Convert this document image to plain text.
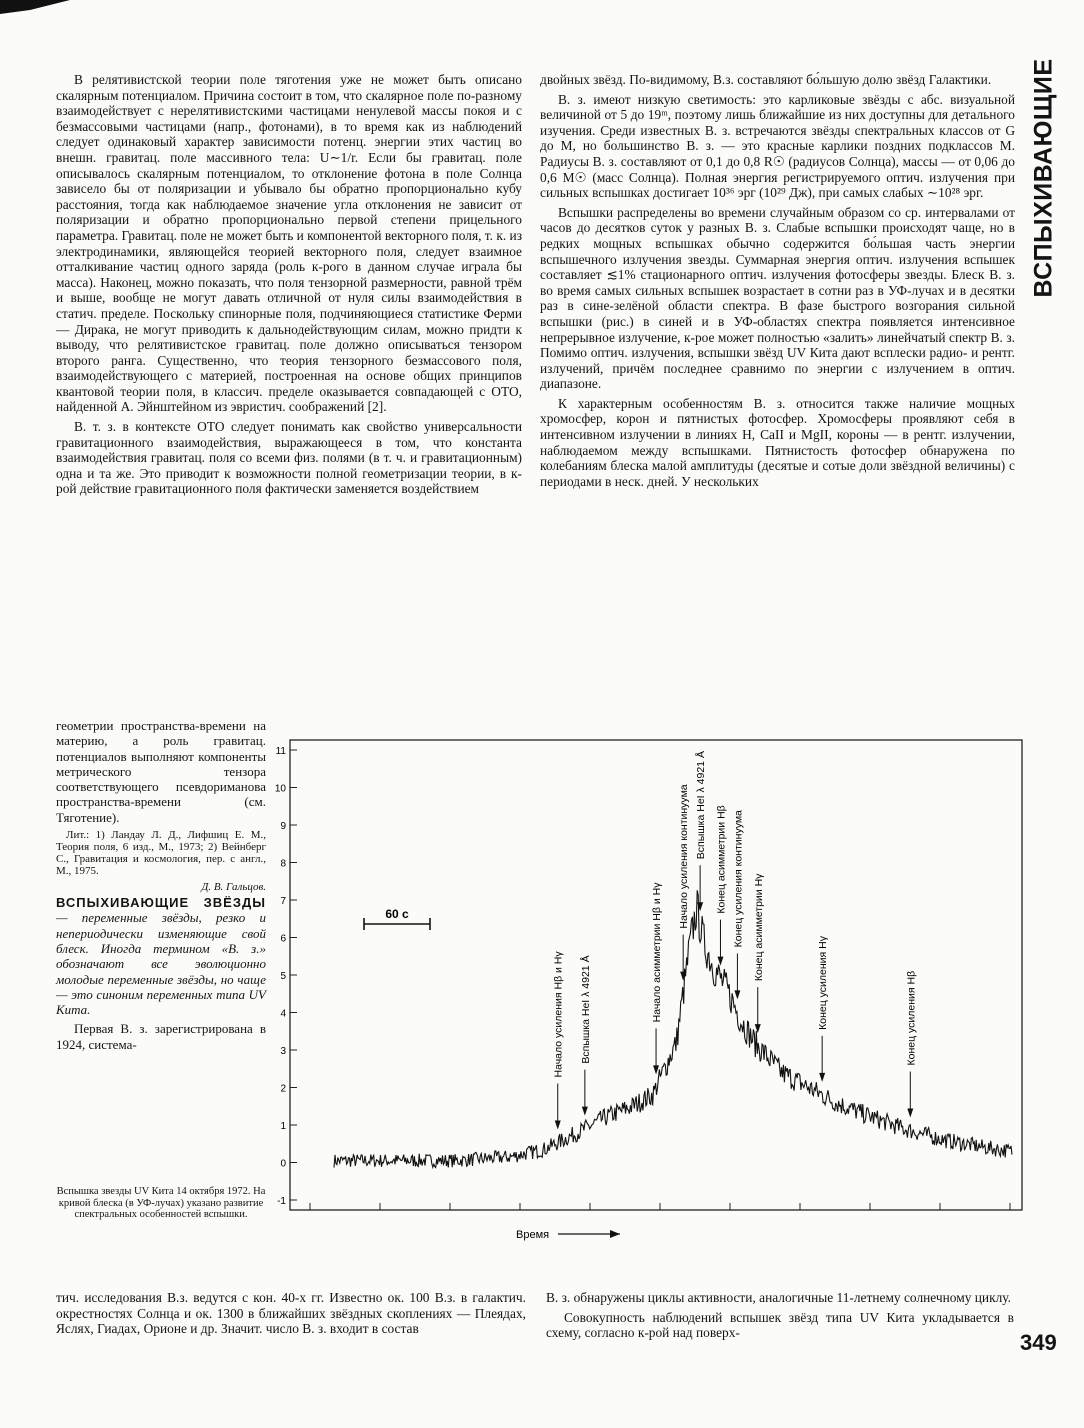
ВСПЫХИВАЮЩИЕ

В релятивистской теории поле тяготения уже не может быть описано скалярным потенциалом. Причина состоит в том, что скалярное поле по-разному взаимодействует с нерелятивистскими частицами ненулевой массы покоя и с безмассовыми частицами (напр., фотонами), в то время как из наблюдений следует одинаковый характер зависимости потенц. энергии этих частиц во внешн. гравитац. поле массивного тела: U∼1/r. Если бы гравитац. поле описывалось скалярным потенциалом, то отклонение фотона в поле Солнца зависело бы от поляризации и убывало бы обратно пропорционально кубу расстояния, тогда как наблюдаемое значение угла отклонения не зависит от поляризации и обратно пропорционально первой степени прицельного параметра. Гравитац. поле не может быть и компонентой векторного поля, т. к. из электродинамики, являющейся теорией векторного поля, следует взаимное отталкивание частиц одного заряда (роль к-рого в данном случае играла бы масса). Наконец, можно показать, что поля тензорной размерности, равной трём и выше, вообще не могут давать отличной от нуля силы взаимодействия в статич. пределе. Поскольку спинорные поля, подчиняющиеся статистике Ферми — Дирака, не могут приводить к дальнодействующим силам, можно придти к выводу, что релятивистское гравитац. поле должно описываться тензором второго ранга. Существенно, что теория тензорного безмассового поля, взаимодействующего с материей, построенная на основе общих принципов квантовой теории поля, в классич. пределе оказывается совпадающей с ОТО, найденной А. Эйнштейном из эвристич. соображений [2].

В. т. з. в контексте ОТО следует понимать как свойство универсальности гравитационного взаимодействия, выражающееся в том, что константа взаимодействия гравитац. поля со всеми физ. полями (в т. ч. и гравитационным) одна и та же. Это приводит к возможности полной геометризации теории, в к-рой действие гравитационного поля фактически заменяется воздействием

геометрии пространства-времени на материю, а роль гравитац. потенциалов выполняют компоненты метрического тензора соответствующего псевдориманова пространства-времени (см. Тяготение).

Лит.: 1) Ландау Л. Д., Лифшиц Е. М., Теория поля, 6 изд., М., 1973; 2) Вейнберг С., Гравитация и космология, пер. с англ., М., 1975.

Д. В. Гальцов.

ВСПЫХИВАЮЩИЕ ЗВЁЗДЫ — переменные звёзды, резко и непериодически изменяющие свой блеск. Иногда термином «В. з.» обозначают все эволюционно молодые переменные звёзды, но чаще — это синоним переменных типа UV Кита.

Первая В. з. зарегистрирована в 1924, система-

Вспышка звезды UV Кита 14 октября 1972. На кривой блеска (в УФ-лучах) указано развитие спектральных особенностей вспышки.

двойных звёзд. По-видимому, В.з. составляют бо́льшую долю звёзд Галактики.

В. з. имеют низкую светимость: это карликовые звёзды с абс. визуальной величиной от 5 до 19ᵐ, поэтому лишь ближайшие из них доступны для детального изучения. Среди известных В. з. встречаются звёзды спектральных классов от G до M, но большинство В. з. — это красные карлики поздних подклассов M. Радиусы В. з. составляют от 0,1 до 0,8 R☉ (радиусов Солнца), массы — от 0,06 до 0,6 M☉ (масс Солнца). Полная энергия регистрируемого оптич. излучения при сильных вспышках достигает 10³⁶ эрг (10²⁹ Дж), при самых слабых ∼10²⁸ эрг.

Вспышки распределены во времени случайным образом со ср. интервалами от часов до десятков суток у разных В. з. Слабые вспышки происходят чаще, но в редких мощных вспышках обычно содержится бо́льшая часть энергии вспышечного излучения звезды. Суммарная энергия оптич. излучения вспышек составляет ≲1% стационарного оптич. излучения фотосферы звезды. Блеск В. з. во время самых сильных вспышек возрастает в сотни раз в УФ-лучах и в десятки раз в сине-зелёной области спектра. В фазе быстрого возгорания сильной вспышки (рис.) в синей и в УФ-областях спектра появляется интенсивное непрерывное излучение, к-рое может полностью «залить» линейчатый спектр В. з. Помимо оптич. излучения, вспышки звёзд UV Кита дают всплески радио- и рентг. излучений, причём последнее сравнимо по энергии с излучением в оптич. диапазоне.

К характерным особенностям В. з. относится также наличие мощных хромосфер, корон и пятнистых фотосфер. Хромосферы проявляют себя в интенсивном излучении в линиях H, CaII и MgII, короны — в рентг. излучении, наблюдаемом между вспышками. Пятнистость фотосфер обнаружена по колебаниям блеска малой амплитуды (десятые и сотые доли звёздной величины) с периодами в неск. дней. У нескольких

тич. исследования В.з. ведутся с кон. 40-х гг. Известно ок. 100 В.з. в галактич. окрестностях Солнца и ок. 1300 в ближайших звёздных скоплениях — Плеядах, Яслях, Гиадах, Орионе и др. Значит. число В. з. входит в состав

В. з. обнаружены циклы активности, аналогичные 11-летнему солнечному циклу.

Совокупность наблюдений вспышек звёзд типа UV Кита укладывается в схему, согласно к-рой над поверх-	349
-1
0
1
2
3
4
5
6
7
8
9
10
11
Начало усиления Hβ и Hγ Вспышка HeI λ 4921 Å	Начало асимметрии Hβ и Hγ
Начало усиления континуума Вспышка HeI λ 4921 Å
Конец асимметрии Hβ Конец усиления континуума Конец асимметрии Hγ
Конец усиления Hγ	Конец усиления Hβ
60 с
Время
